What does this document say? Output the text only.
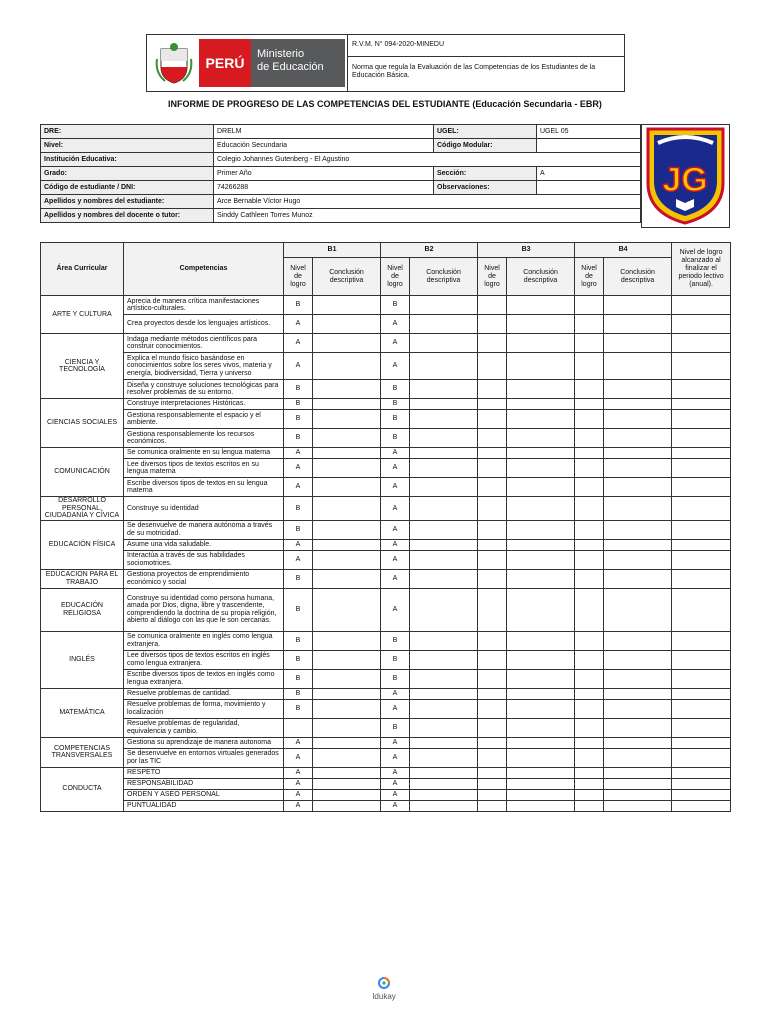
PERÚ
Ministerio
de Educación
R.V.M. N° 094-2020-MINEDU
Norma que regula la Evaluación de las Competencias de los Estudiantes de la Educación Básica.
INFORME DE PROGRESO DE LAS COMPETENCIAS DEL ESTUDIANTE (Educación Secundaria - EBR)
DRE:	DRELM	UGEL:	UGEL 05
Nivel:	Educación Secundaria	Código Modular:	
Institución Educativa:	Colegio Johannes Gutenberg - El Agustino		
Grado:	Primer Año	Sección:	A
Código de estudiante / DNI:	74266288	Observaciones:	
Apellidos y nombres del estudiante:	Arce Bernable Víctor Hugo		
Apellidos y nombres del docente o tutor:	Sinddy Cathleen Torres Munoz		
JG
Área Curricular	Competencias	B1		B2		B3		B4		Nivel de logro alcanzado al finalizar el periodo lectivo (anual).
		Nivel de logro	Conclusión descriptiva	Nivel de logro	Conclusión descriptiva	Nivel de logro	Conclusión descriptiva	Nivel de logro	Conclusión descriptiva	
ARTE Y CULTURA	Aprecia de manera crítica manifestaciones artístico-culturales.	B		B						
	Crea proyectos desde los lenguajes artísticos.	A		A						
CIENCIA Y TECNOLOGÍA	Indaga mediante métodos científicos para construir conocimientos.	A		A						
	Explica el mundo físico basándose en conocimientos sobre los seres vivos, materia y energía, biodiversidad, Tierra y universo	A		A						
	Diseña y construye soluciones tecnológicas para resolver problemas de su entorno.	B		B						
CIENCIAS SOCIALES	Construye interpretaciones Históricas.	B		B						
	Gestiona responsablemente el espacio y el ambiente.	B		B						
	Gestiona responsablemente los recursos económicos.	B		B						
COMUNICACIÓN	Se comunica oralmente en su lengua materna	A		A						
	Lee diversos tipos de textos escritos en su lengua materna	A		A						
	Escribe diversos tipos de textos en su lengua materna	A		A						
DESARROLLO PERSONAL, CIUDADANÍA Y CÍVICA	Construye su identidad	B		A						
EDUCACIÓN FÍSICA	Se desenvuelve de manera autónoma a través de su motricidad.	B		A						
	Asume una vida saludable.	A		A						
	Interactúa a través de sus habilidades sociomotrices.	A		A						
EDUCACION PARA EL TRABAJO	Gestiona proyectos de emprendimiento económico y social	B		A						
EDUCACIÓN RELIGIOSA	Construye su identidad como persona humana, amada por Dios, digna, libre y trascendente, comprendiendo la doctrina de su propia religión, abierto al diálogo con las que le son cercanas.	B		A						
INGLÉS	Se comunica oralmente en inglés como lengua extranjera.	B		B						
	Lee diversos tipos de textos escritos en inglés como lengua extranjera.	B		B						
	Escribe diversos tipos de textos en inglés como lengua extranjera.	B		B						
MATEMÁTICA	Resuelve problemas de cantidad.	B		A						
	Resuelve problemas de forma, movimiento y localización	B		A						
	Resuelve problemas de regularidad, equivalencia y cambio.			B						
COMPETENCIAS TRANSVERSALES	Gestiona su aprendizaje de manera autonoma	A		A						
	Se desenvuelve en entornos virtuales generados por las TIC	A		A						
CONDUCTA	RESPETO	A		A						
	RESPONSABILIDAD	A		A						
	ORDEN Y ASEO PERSONAL	A		A						
	PUNTUALIDAD	A		A						
Idukay
